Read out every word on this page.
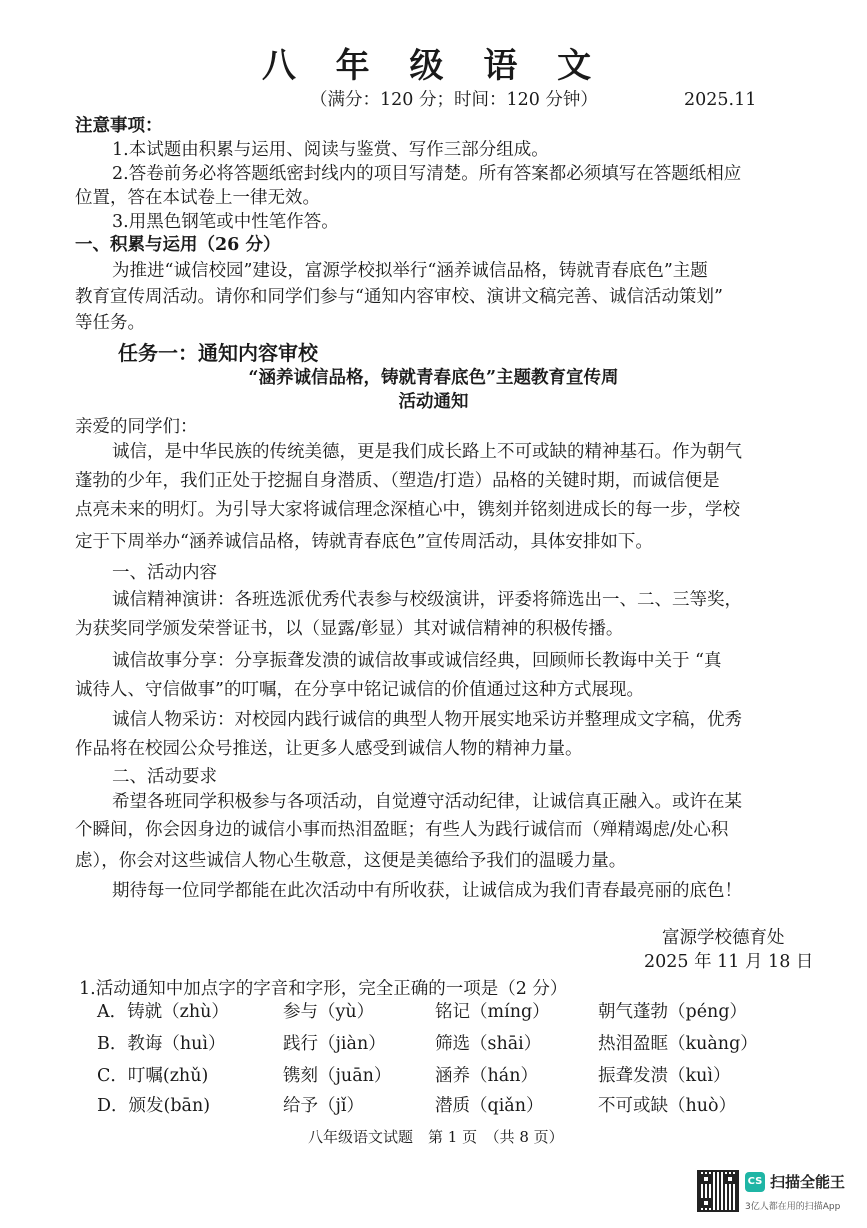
八 年 级 语 文
（满分：120 分；时间：120 分钟）	2025.11
注意事项：
1.本试题由积累与运用、阅读与鉴赏、写作三部分组成。
2.答卷前务必将答题纸密封线内的项目写清楚。所有答案都必须填写在答题纸相应
位置，答在本试卷上一律无效。
3.用黑色钢笔或中性笔作答。
一、积累与运用（26 分）
为推进“诚信校园”建设，富源学校拟举行“涵养诚信品格，铸就青春底色”主题
教育宣传周活动。请你和同学们参与“通知内容审校、演讲文稿完善、诚信活动策划”
等任务。
任务一：通知内容审校
“涵养诚信品格，铸就青春底色”主题教育宣传周
活动通知
亲爱的同学们：
诚信，是中华民族的传统美德，更是我们成长路上不可或缺的精神基石。作为朝气
蓬勃的少年，我们正处于挖掘自身潜质、（塑造/打造）品格的关键时期，而诚信便是
点亮未来的明灯。为引导大家将诚信理念深植心中，镌刻并铭刻进成长的每一步，学校
定于下周举办“涵养诚信品格，铸就青春底色”宣传周活动，具体安排如下。
一、活动内容
诚信精神演讲：各班选派优秀代表参与校级演讲，评委将筛选出一、二、三等奖，
为获奖同学颁发荣誉证书，以（显露/彰显）其对诚信精神的积极传播。
诚信故事分享：分享振聋发溃的诚信故事或诚信经典，回顾师长教诲中关于 “真
诚待人、守信做事”的叮嘱，在分享中铭记诚信的价值通过这种方式展现。
诚信人物采访：对校园内践行诚信的典型人物开展实地采访并整理成文字稿，优秀
作品将在校园公众号推送，让更多人感受到诚信人物的精神力量。
二、活动要求
希望各班同学积极参与各项活动，自觉遵守活动纪律，让诚信真正融入。或许在某
个瞬间，你会因身边的诚信小事而热泪盈眶；有些人为践行诚信而（殚精竭虑/处心积
虑），你会对这些诚信人物心生敬意，这便是美德给予我们的温暖力量。
期待每一位同学都能在此次活动中有所收获，让诚信成为我们青春最亮丽的底色！
富源学校德育处
2025 年 11 月 18 日
1.活动通知中加点字的字音和字形，完全正确的一项是（2 分）
A．铸就（zhù）	参与（yù）	铭记（míng）	朝气蓬勃（péng）
B．教诲（huì）	践行（jiàn）	筛选（shāi）	热泪盈眶（kuàng）
C．叮嘱(zhǔ)	镌刻（juān） 涵养（hán）	振聋发溃（kuì）
D．颁发(bān)	给予（jǐ）	潜质（qiǎn）	不可或缺（huò）
八年级语文试题　第 1 页　（共 8 页）
CS 扫描全能王
3亿人都在用的扫描App
